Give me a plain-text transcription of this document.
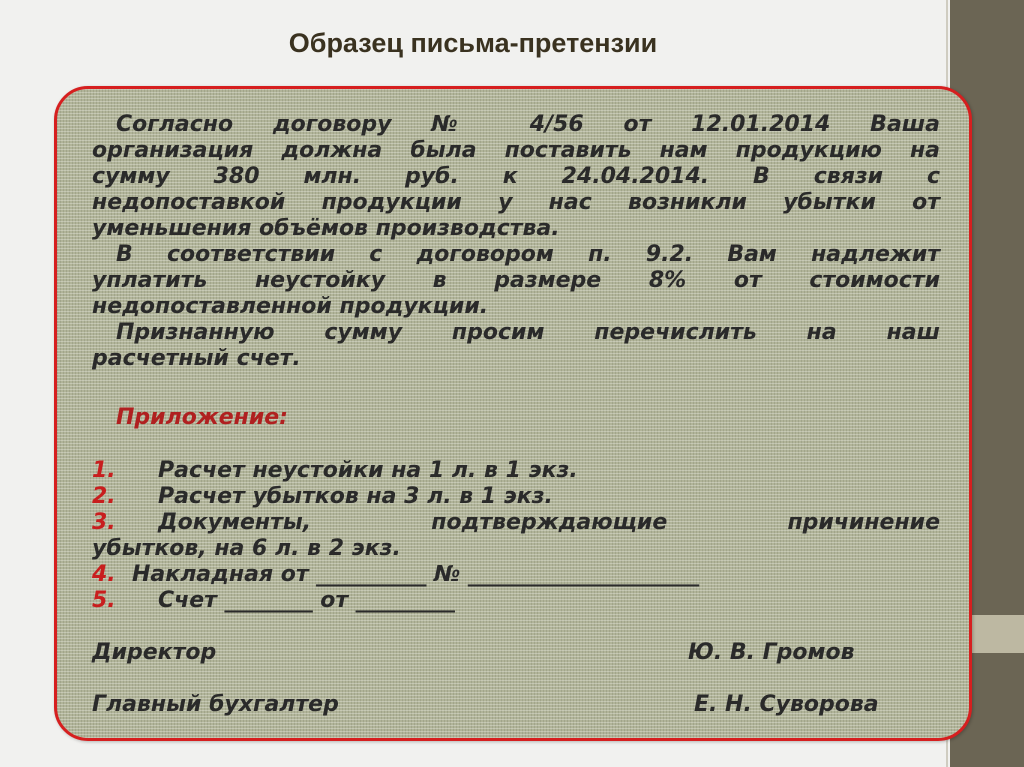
Образец письма-претензии

Согласно договору № 4/56 от 12.01.2014 Ваша

организация должна была поставить нам продукцию на

сумму 380 млн. руб. к 24.04.2014. В связи с

недопоставкой продукции у нас возникли убытки от

уменьшения объёмов производства.

В соответствии с договором п. 9.2. Вам надлежит

уплатить неустойку в размере 8% от стоимости

недопоставленной продукции.

Признанную сумму просим перечислить на наш

расчетный счет.

Приложение:

1. Расчет неустойки на 1 л. в 1 экз.
2. Расчет убытков на 3 л. в 1 экз.
3. Документы, подтверждающие причинение
убытков, на 6 л. в 2 экз.
4. Накладная от __________ № _____________________
5. Счет ________ от _________
Директор	Ю. В. Громов
Главный бухгалтер	Е. Н. Суворова
